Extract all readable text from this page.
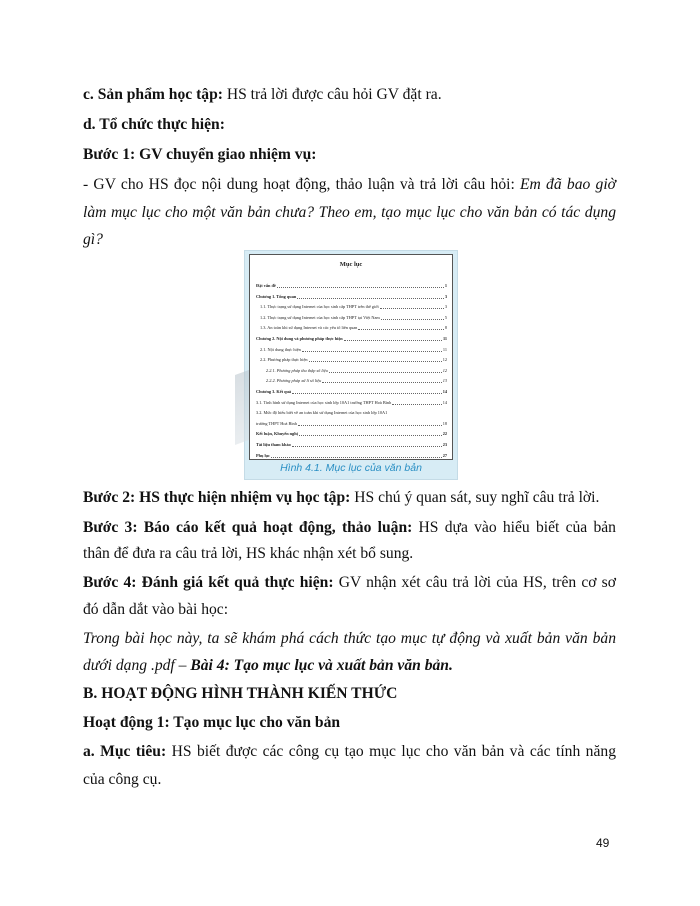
c. Sản phẩm học tập: HS trả lời được câu hỏi GV đặt ra.
d. Tổ chức thực hiện:
Bước 1: GV chuyển giao nhiệm vụ:
- GV cho HS đọc nội dung hoạt động, thảo luận và trả lời câu hỏi: Em đã bao giờ
làm mục lục cho một văn bản chưa? Theo em, tạo mục lục cho văn bản có tác dụng
gì?
Mục lục
Đặt vấn đề	1
Chương 1. Tổng quan	3
1.1. Thực trạng sử dụng Internet của học sinh cấp THPT trên thế giới	3
1.2. Thực trạng sử dụng Internet của học sinh cấp THPT tại Việt Nam	5
1.3. An toàn khi sử dụng Internet và các yếu tố liên quan	8
Chương 2. Nội dung và phương pháp thực hiện	11
2.1. Nội dung thực hiện	11
2.2. Phương pháp thực hiện	12
2.2.1. Phương pháp thu thập số liệu	12
2.2.2. Phương pháp xử lí số liệu	13
Chương 3. Kết quả	14
3.1. Tình hình sử dụng Internet của học sinh lớp 10A1 trường THPT Hoà Bình	14
3.2. Mức độ hiểu biết về an toàn khi sử dụng Internet của học sinh lớp 10A1
trường THPT Hoà Bình	18
Kết luận, Khuyến nghị	22
Tài liệu tham khảo	23
Phụ lục	27
Hình 4.1. Mục lục của văn bản
Bước 2: HS thực hiện nhiệm vụ học tập: HS chú ý quan sát, suy nghĩ câu trả lời.
Bước 3: Báo cáo kết quả hoạt động, thảo luận: HS dựa vào hiểu biết của bản
thân để đưa ra câu trả lời, HS khác nhận xét bổ sung.
Bước 4: Đánh giá kết quả thực hiện: GV nhận xét câu trả lời của HS, trên cơ sơ
đó dẫn dắt vào bài học:
Trong bài học này, ta sẽ khám phá cách thức tạo mục tự động và xuất bản văn bản
dưới dạng .pdf – Bài 4: Tạo mục lục và xuất bản văn bản.
B. HOẠT ĐỘNG HÌNH THÀNH KIẾN THỨC
Hoạt động 1: Tạo mục lục cho văn bản
a. Mục tiêu: HS biết được các công cụ tạo mục lục cho văn bản và các tính năng
của công cụ.
49
